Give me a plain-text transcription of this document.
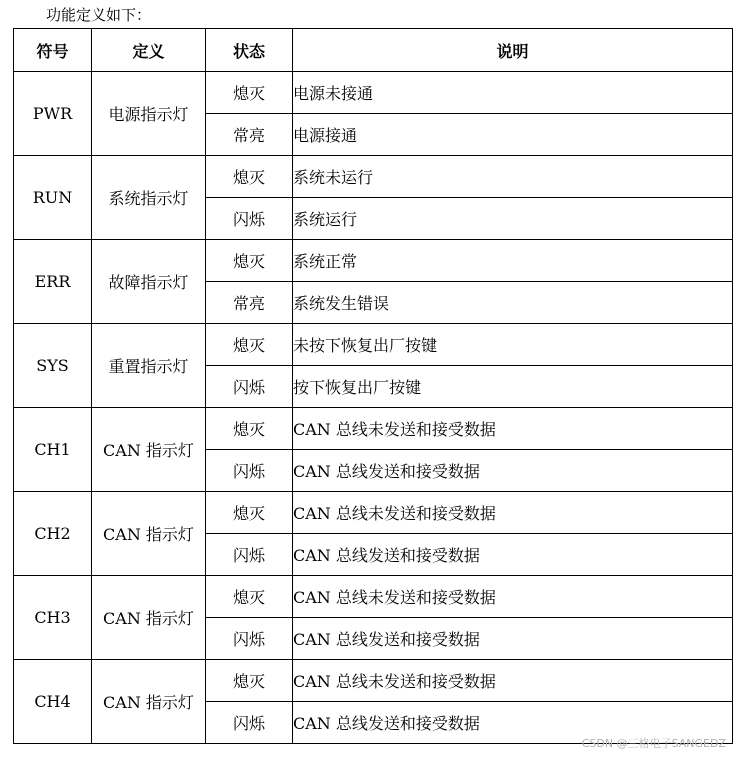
功能定义如下：
符号	定义	状态	说明
PWR	电源指示灯	熄灭	电源未接通
		常亮	电源接通
RUN	系统指示灯	熄灭	系统未运行
		闪烁	系统运行
ERR	故障指示灯	熄灭	系统正常
		常亮	系统发生错误
SYS	重置指示灯	熄灭	未按下恢复出厂按键
		闪烁	按下恢复出厂按键
CH1	CAN 指示灯	熄灭	CAN 总线未发送和接受数据
		闪烁	CAN 总线发送和接受数据
CH2	CAN 指示灯	熄灭	CAN 总线未发送和接受数据
		闪烁	CAN 总线发送和接受数据
CH3	CAN 指示灯	熄灭	CAN 总线未发送和接受数据
		闪烁	CAN 总线发送和接受数据
CH4	CAN 指示灯	熄灭	CAN 总线未发送和接受数据
		闪烁	CAN 总线发送和接受数据
CSDN @三格电子SANGEDZ
